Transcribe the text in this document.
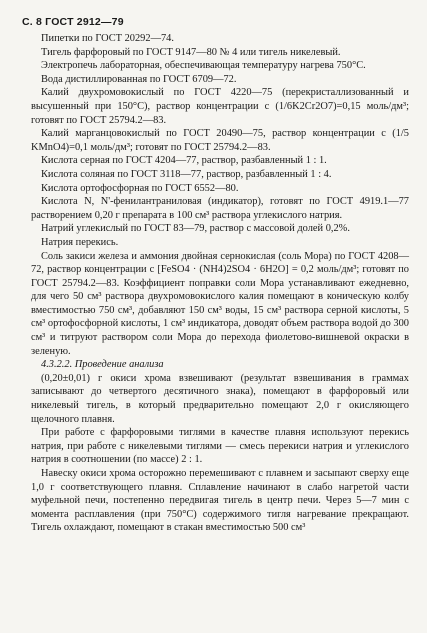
С. 8 ГОСТ 2912—79

Пипетки по ГОСТ 20292—74.

Тигель фарфоровый по ГОСТ 9147—80 № 4 или тигель никелевый.

Электропечь лабораторная, обеспечивающая температуру нагрева 750°С.

Вода дистиллированная по ГОСТ 6709—72.

Калий двухромовокислый по ГОСТ 4220—75 (перекристаллизованный и высушенный при 150°С), раствор концентрации с (1/6K2Cr2O7)=0,15 моль/дм³; готовят по ГОСТ 25794.2—83.

Калий марганцовокислый по ГОСТ 20490—75, раствор концентрации с (1/5 KMnO4)=0,1 моль/дм³; готовят по ГОСТ 25794.2—83.

Кислота серная по ГОСТ 4204—77, раствор, разбавленный 1 : 1.

Кислота соляная по ГОСТ 3118—77, раствор, разбавленный 1 : 4.

Кислота ортофосфорная по ГОСТ 6552—80.

Кислота N, N'-фенилантраниловая (индикатор), готовят по ГОСТ 4919.1—77 растворением 0,20 г препарата в 100 см³ раствора углекислого натрия.

Натрий углекислый по ГОСТ 83—79, раствор с массовой долей 0,2%.

Натрия перекись.

Соль закиси железа и аммония двойная сернокислая (соль Мора) по ГОСТ 4208—72, раствор концентрации с [FeSO4 · (NH4)2SO4 · 6H2O] = 0,2 моль/дм³; готовят по ГОСТ 25794.2—83. Коэффициент поправки соли Мора устанавливают ежедневно, для чего 50 см³ раствора двухромовокислого калия помещают в коническую колбу вместимостью 750 см³, добавляют 150 см³ воды, 15 см³ раствора серной кислоты, 5 см³ ортофосфорной кислоты, 1 см³ индикатора, доводят объем раствора водой до 300 см³ и титруют раствором соли Мора до перехода фиолетово-вишневой окраски в зеленую.

4.3.2.2. Проведение анализа

(0,20±0,01) г окиси хрома взвешивают (результат взвешивания в граммах записывают до четвертого десятичного знака), помещают в фарфоровый или никелевый тигель, в который предварительно помещают 2,0 г окисляющего щелочного плавня.

При работе с фарфоровыми тиглями в качестве плавня используют перекись натрия, при работе с никелевыми тиглями — смесь перекиси натрия и углекислого натрия в соотношении (по массе) 2 : 1.

Навеску окиси хрома осторожно перемешивают с плавнем и засыпают сверху еще 1,0 г соответствующего плавня. Сплавление начинают в слабо нагретой части муфельной печи, постепенно передвигая тигель в центр печи. Через 5—7 мин с момента расплавления (при 750°С) содержимого тигля нагревание прекращают. Тигель охлаждают, помещают в стакан вместимостью 500 см³
